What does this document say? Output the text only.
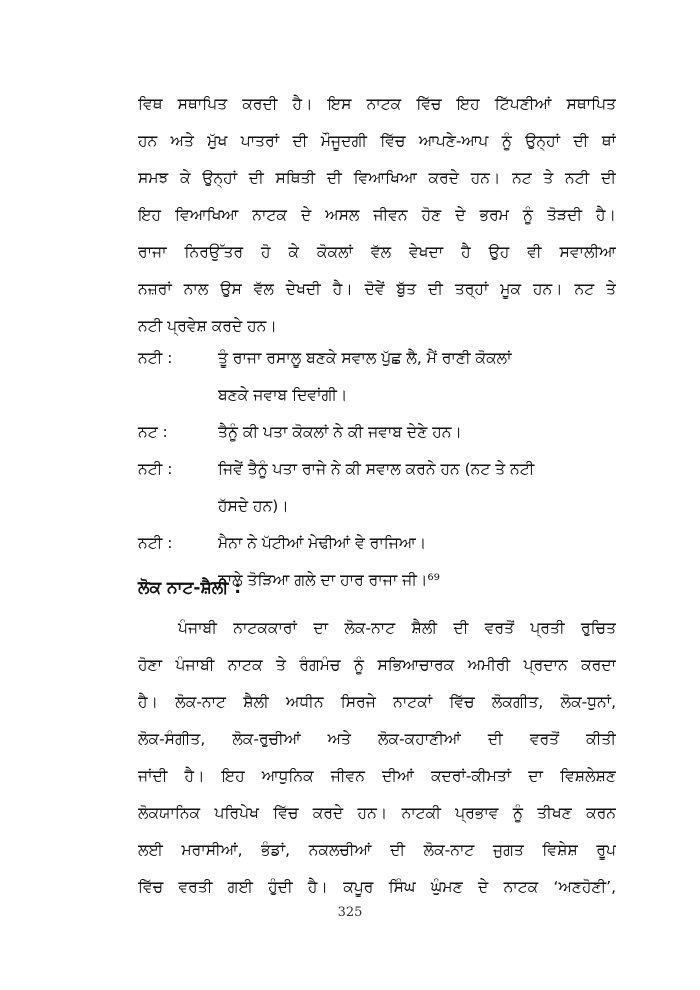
ਵਿਥ ਸਥਾਪਿਤ ਕਰਦੀ ਹੈ। ਇਸ ਨਾਟਕ ਵਿੱਚ ਇਹ ਟਿੱਪਣੀਆਂ ਸਥਾਪਿਤ
ਹਨ ਅਤੇ ਮੁੱਖ ਪਾਤਰਾਂ ਦੀ ਮੌਜੂਦਗੀ ਵਿੱਚ ਆਪਣੇ-ਆਪ ਨੂੰ ਉਨ੍ਹਾਂ ਦੀ ਥਾਂ
ਸਮਝ ਕੇ ਉਨ੍ਹਾਂ ਦੀ ਸਥਿਤੀ ਦੀ ਵਿਆਖਿਆ ਕਰਦੇ ਹਨ। ਨਟ ਤੇ ਨਟੀ ਦੀ
ਇਹ ਵਿਆਖਿਆ ਨਾਟਕ ਦੇ ਅਸਲ ਜੀਵਨ ਹੋਣ ਦੇ ਭਰਮ ਨੂੰ ਤੋੜਦੀ ਹੈ।
ਰਾਜਾ ਨਿਰਉੱਤਰ ਹੋ ਕੇ ਕੋਕਲਾਂ ਵੱਲ ਵੇਖਦਾ ਹੈ ਉਹ ਵੀ ਸਵਾਲੀਆ
ਨਜ਼ਰਾਂ ਨਾਲ ਉਸ ਵੱਲ ਦੇਖਦੀ ਹੈ। ਦੋਵੇਂ ਬੁੱਤ ਦੀ ਤਰ੍ਹਾਂ ਮੂਕ ਹਨ। ਨਟ ਤੇ
ਨਟੀ ਪ੍ਰਵੇਸ਼ ਕਰਦੇ ਹਨ।
ਨਟੀ :	ਤੂੰ ਰਾਜਾ ਰਸਾਲੂ ਬਣਕੇ ਸਵਾਲ ਪੁੱਛ ਲੈ, ਮੈਂ ਰਾਣੀ ਕੋਕਲਾਂ
ਬਣਕੇ ਜਵਾਬ ਦਿਵਾਂਗੀ।
ਨਟ :	ਤੈਨੂੰ ਕੀ ਪਤਾ ਕੋਕਲਾਂ ਨੇ ਕੀ ਜਵਾਬ ਦੇਣੇ ਹਨ।
ਨਟੀ :	ਜਿਵੇਂ ਤੈਨੂੰ ਪਤਾ ਰਾਜੇ ਨੇ ਕੀ ਸਵਾਲ ਕਰਨੇ ਹਨ (ਨਟ ਤੇ ਨਟੀ
ਹੱਸਦੇ ਹਨ)।
ਨਟੀ :	ਮੈਨਾ ਨੇ ਪੱਟੀਆਂ ਮੇਢੀਆਂ ਵੇ ਰਾਜਿਆ।
ਨਾਲੇ ਤੋੜਿਆ ਗਲੇ ਦਾ ਹਾਰ ਰਾਜਾ ਜੀ।⁶⁹
ਲੋਕ ਨਾਟ-ਸ਼ੈਲੀ :
ਪੰਜਾਬੀ ਨਾਟਕਕਾਰਾਂ ਦਾ ਲੋਕ-ਨਾਟ ਸ਼ੈਲੀ ਦੀ ਵਰਤੋਂ ਪ੍ਰਤੀ ਰੁਚਿਤ
ਹੋਣਾ ਪੰਜਾਬੀ ਨਾਟਕ ਤੇ ਰੰਗਮੰਚ ਨੂੰ ਸਭਿਆਚਾਰਕ ਅਮੀਰੀ ਪ੍ਰਦਾਨ ਕਰਦਾ
ਹੈ। ਲੋਕ-ਨਾਟ ਸ਼ੈਲੀ ਅਧੀਨ ਸਿਰਜੇ ਨਾਟਕਾਂ ਵਿੱਚ ਲੋਕਗੀਤ, ਲੋਕ-ਧੁਨਾਂ,
ਲੋਕ-ਸੰਗੀਤ, ਲੋਕ-ਰੁਚੀਆਂ ਅਤੇ ਲੋਕ-ਕਹਾਣੀਆਂ ਦੀ ਵਰਤੋਂ ਕੀਤੀ
ਜਾਂਦੀ ਹੈ। ਇਹ ਆਧੁਨਿਕ ਜੀਵਨ ਦੀਆਂ ਕਦਰਾਂ-ਕੀਮਤਾਂ ਦਾ ਵਿਸ਼ਲੇਸ਼ਣ
ਲੋਕਯਾਨਿਕ ਪਰਿਪੇਖ ਵਿੱਚ ਕਰਦੇ ਹਨ। ਨਾਟਕੀ ਪ੍ਰਭਾਵ ਨੂੰ ਤੀਖਣ ਕਰਨ
ਲਈ ਮਰਾਸੀਆਂ, ਭੰਡਾਂ, ਨਕਲਚੀਆਂ ਦੀ ਲੋਕ-ਨਾਟ ਜੁਗਤ ਵਿਸ਼ੇਸ਼ ਰੂਪ
ਵਿੱਚ ਵਰਤੀ ਗਈ ਹੁੰਦੀ ਹੈ। ਕਪੂਰ ਸਿੰਘ ਘੁੰਮਣ ਦੇ ਨਾਟਕ ‘ਅਣਹੋਣੀ’,
325
